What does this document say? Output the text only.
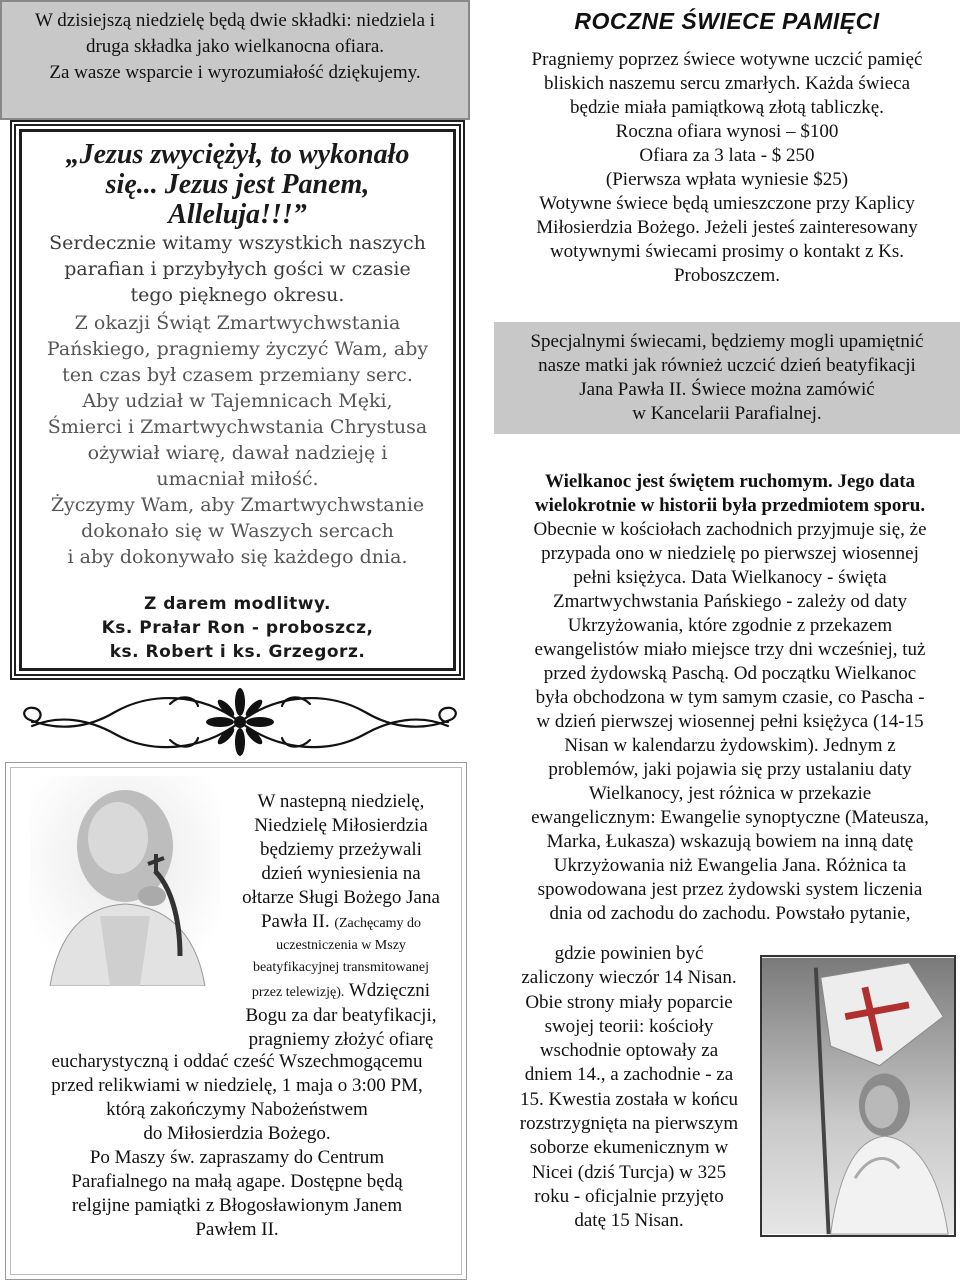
W dzisiejszą niedzielę będą dwie składki: niedziela i
druga składka jako wielkanocna ofiara.
Za wasze wsparcie i wyrozumiałość dziękujemy.
„Jezus zwyciężył, to wykonało
się... Jezus jest Panem,
Alleluja!!!”
Serdecznie witamy wszystkich naszych
parafian i przybyłych gości w czasie
tego pięknego okresu.
Z okazji Świąt Zmartwychwstania
Pańskiego, pragniemy życzyć Wam, aby
ten czas był czasem przemiany serc.
Aby udział w Tajemnicach Męki,
Śmierci i Zmartwychwstania Chrystusa
ożywiał wiarę, dawał nadzieję i
umacniał miłość.
Życzymy Wam, aby Zmartwychwstanie
dokonało się w Waszych sercach
i aby dokonywało się każdego dnia.
Z darem modlitwy.
Ks. Prałar Ron - proboszcz,
ks. Robert i ks. Grzegorz.
W nastepną niedzielę,
Niedzielę Miłosierdzia
będziemy przeżywali
dzień wyniesienia na
ołtarze Sługi Bożego Jana
Pawła II. (Zachęcamy do
uczestniczenia w Mszy
beatyfikacyjnej transmitowanej
przez telewizję). Wdzięczni
Bogu za dar beatyfikacji,
pragniemy złożyć ofiarę
eucharystyczną i oddać cześć Wszechmogącemu
przed relikwiami w niedzielę, 1 maja o 3:00 PM,
którą zakończymy Nabożeństwem
do Miłosierdzia Bożego.
Po Maszy św. zapraszamy do Centrum
Parafialnego na małą agape. Dostępne będą
relgijne pamiątki z Błogosławionym Janem
Pawłem II.
ROCZNE ŚWIECE PAMIĘCI
Pragniemy poprzez świece wotywne uczcić pamięć
bliskich naszemu sercu zmarłych. Każda świeca
będzie miała pamiątkową złotą tabliczkę.
Roczna ofiara wynosi – $100
Ofiara za 3 lata - $ 250
(Pierwsza wpłata wyniesie $25)
Wotywne świece będą umieszczone przy Kaplicy
Miłosierdzia Bożego. Jeżeli jesteś zainteresowany
wotywnymi świecami prosimy o kontakt z Ks.
Proboszczem.
Specjalnymi świecami, będziemy mogli upamiętnić
nasze matki jak również uczcić dzień beatyfikacji
Jana Pawła II. Świece można zamówić
w Kancelarii Parafialnej.
Wielkanoc jest świętem ruchomym. Jego data
wielokrotnie w historii była przedmiotem sporu.
Obecnie w kościołach zachodnich przyjmuje się, że
przypada ono w niedzielę po pierwszej wiosennej
pełni księżyca. Data Wielkanocy - święta
Zmartwychwstania Pańskiego - zależy od daty
Ukrzyżowania, które zgodnie z przekazem
ewangelistów miało miejsce trzy dni wcześniej, tuż
przed żydowską Paschą. Od początku Wielkanoc
była obchodzona w tym samym czasie, co Pascha -
w dzień pierwszej wiosennej pełni księżyca (14-15
Nisan w kalendarzu żydowskim). Jednym z
problemów, jaki pojawia się przy ustalaniu daty
Wielkanocy, jest różnica w przekazie
ewangelicznym: Ewangelie synoptyczne (Mateusza,
Marka, Łukasza) wskazują bowiem na inną datę
Ukrzyżowania niż Ewangelia Jana. Różnica ta
spowodowana jest przez żydowski system liczenia
dnia od zachodu do zachodu. Powstało pytanie,
gdzie powinien być
zaliczony wieczór 14 Nisan.
Obie strony miały poparcie
swojej teorii: kościoły
wschodnie optowały za
dniem 14., a zachodnie - za
15. Kwestia została w końcu
rozstrzygnięta na pierwszym
soborze ekumenicznym w
Nicei (dziś Turcja) w 325
roku - oficjalnie przyjęto
datę 15 Nisan.
